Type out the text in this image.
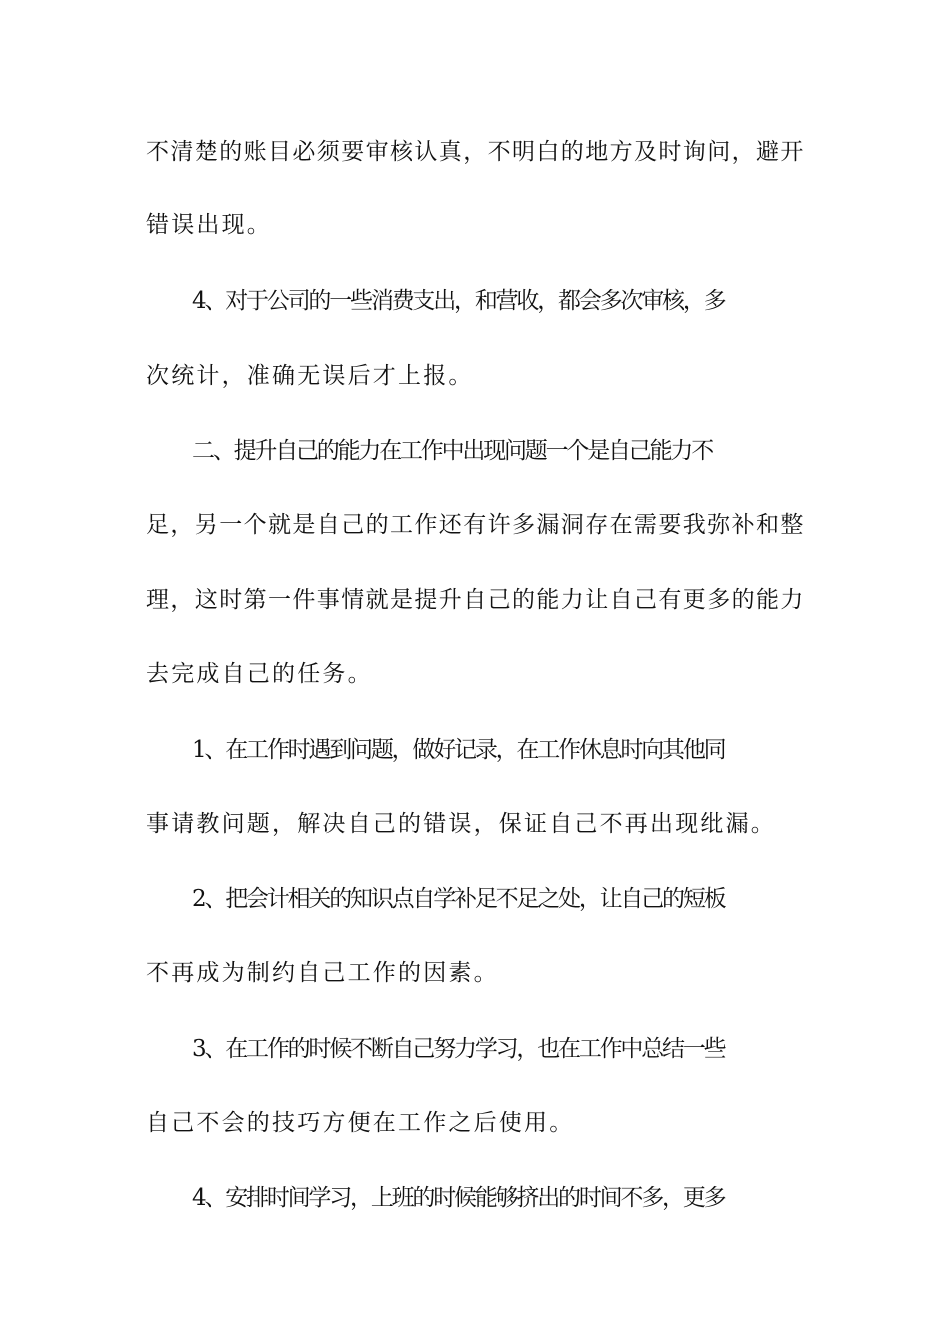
不清楚的账目必须要审核认真，不明白的地方及时询问，避开
错误出现。
4、对于公司的一些消费支出，和营收，都会多次审核，多
次统计，准确无误后才上报。
二、提升自己的能力在工作中出现问题一个是自己能力不
足，另一个就是自己的工作还有许多漏洞存在需要我弥补和整
理，这时第一件事情就是提升自己的能力让自己有更多的能力
去完成自己的任务。
1、在工作时遇到问题，做好记录，在工作休息时向其他同
事请教问题，解决自己的错误，保证自己不再出现纰漏。
2、把会计相关的知识点自学补足不足之处，让自己的短板
不再成为制约自己工作的因素。
3、在工作的时候不断自己努力学习，也在工作中总结一些
自己不会的技巧方便在工作之后使用。
4、安排时间学习，上班的时候能够挤出的时间不多，更多
